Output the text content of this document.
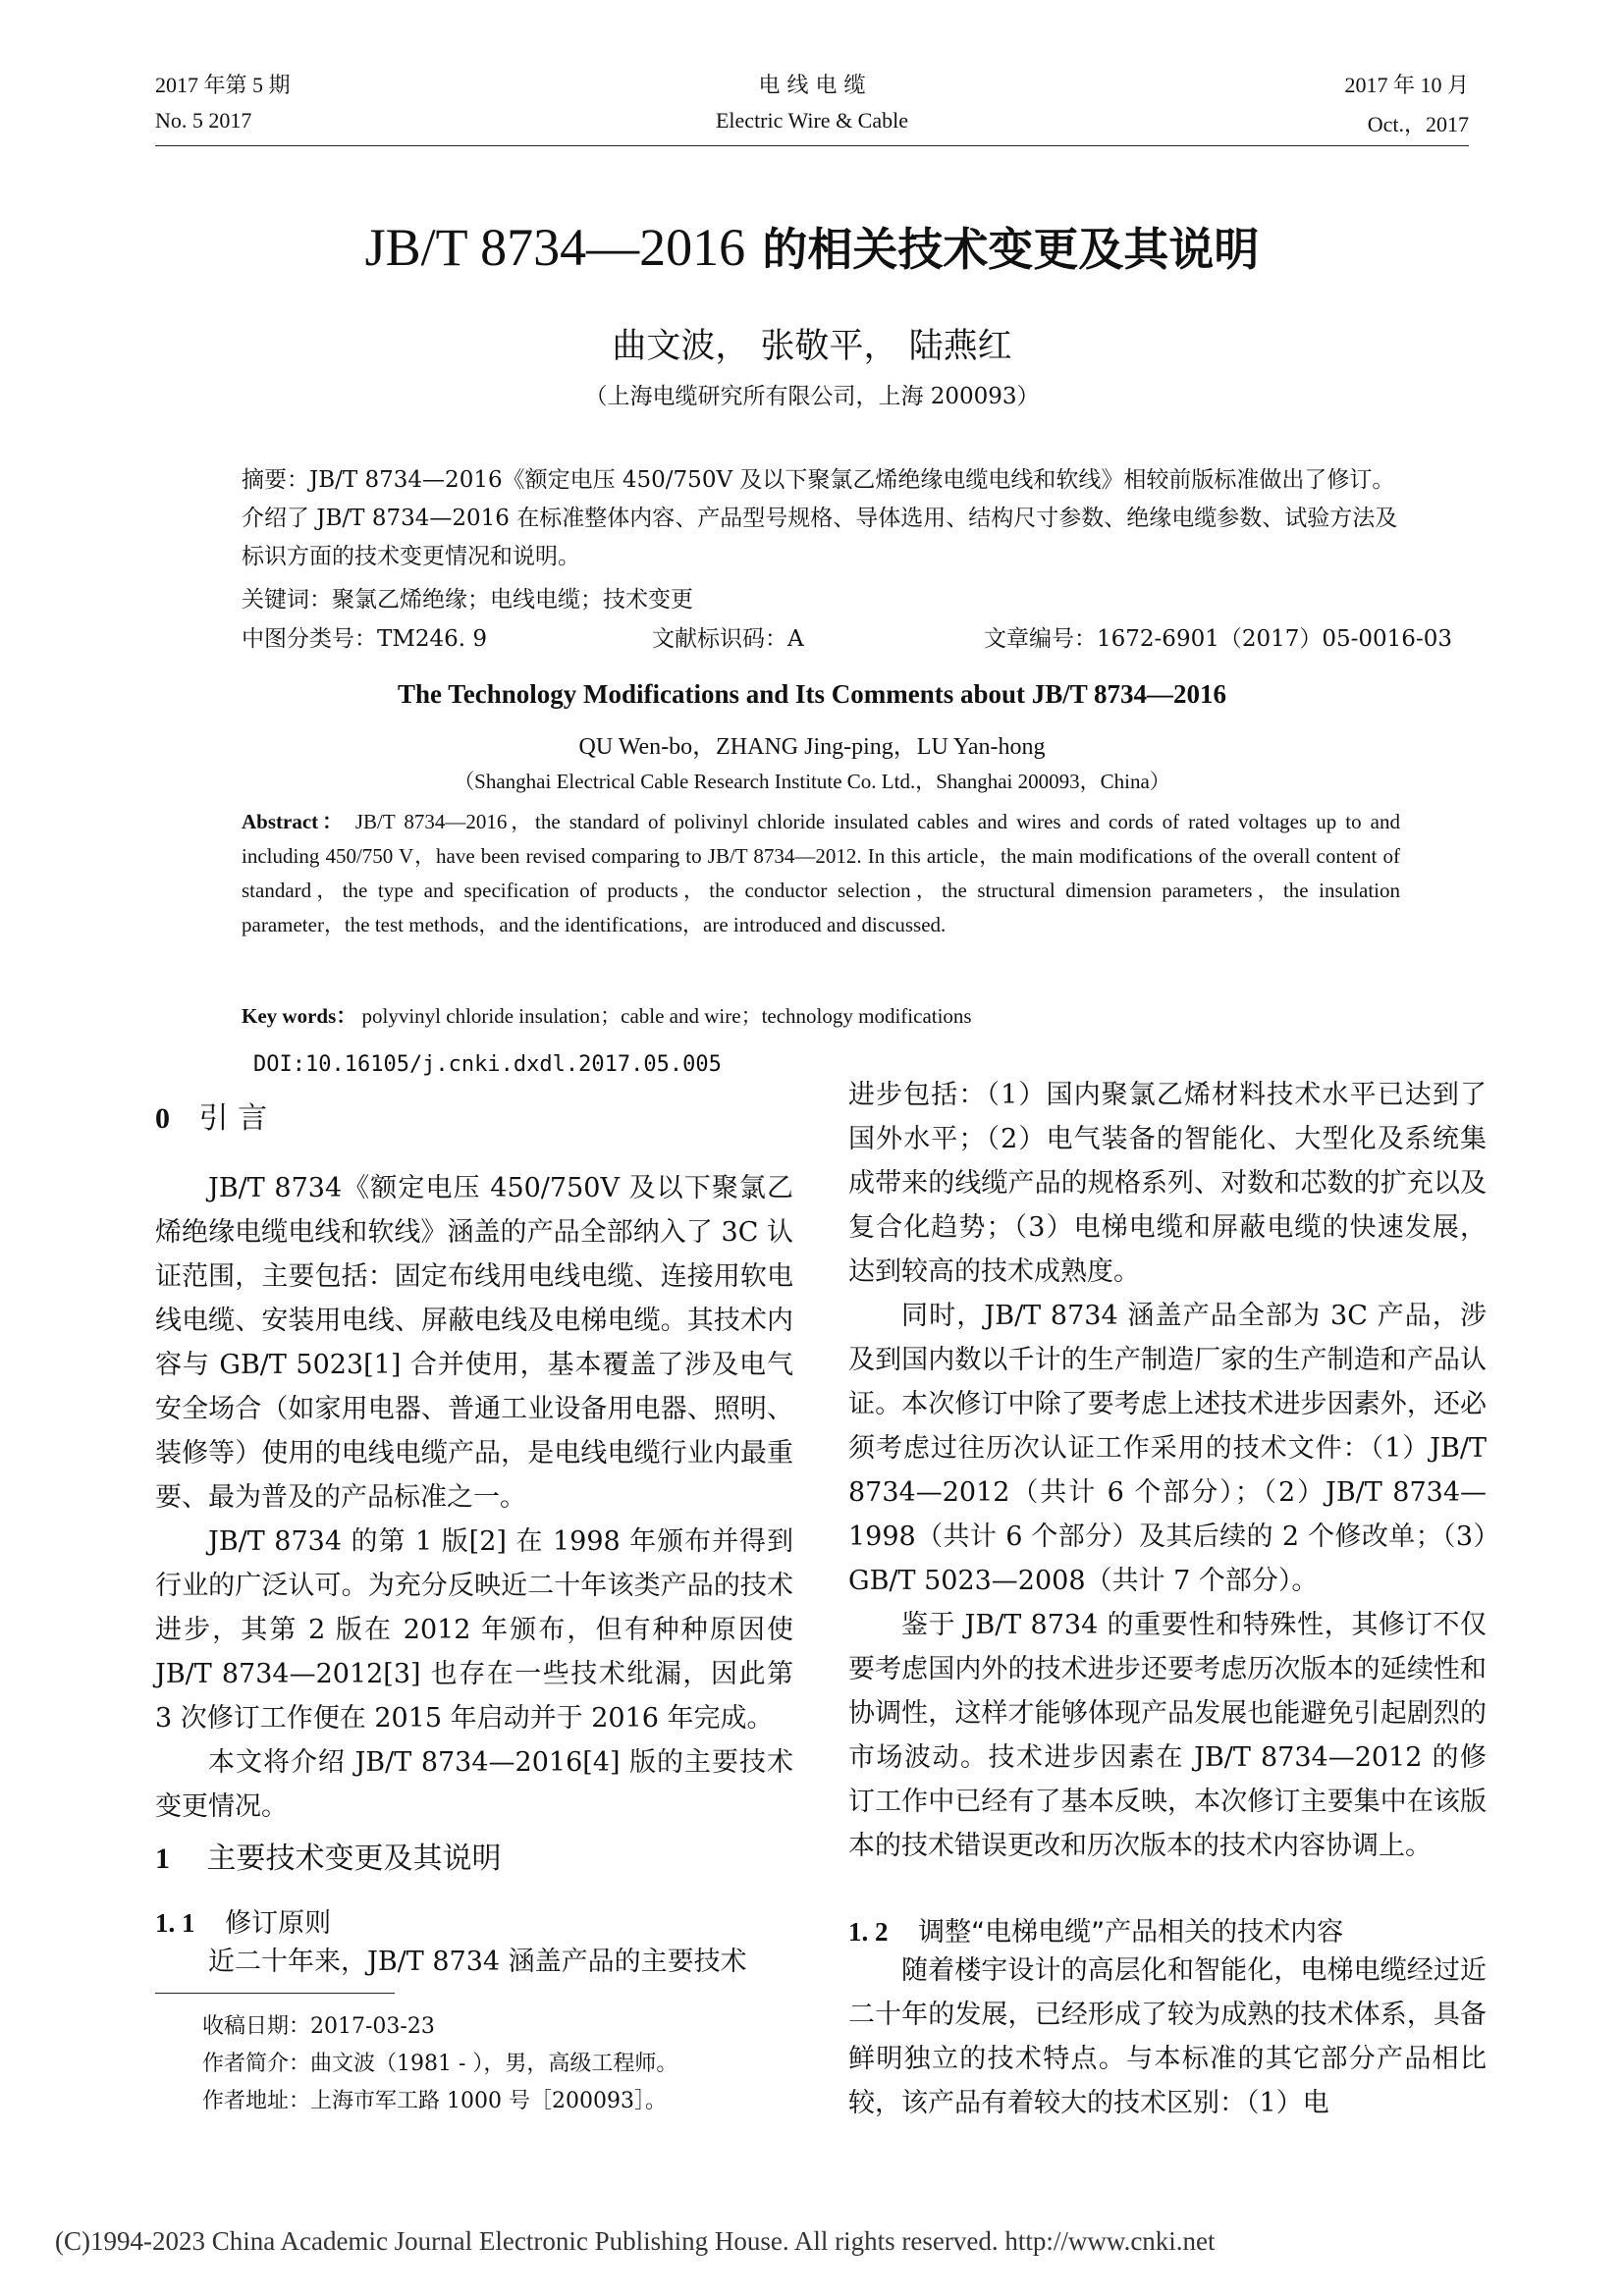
2017 年第 5 期
No. 5 2017
电 线 电 缆
Electric Wire & Cable
2017 年 10 月
Oct.，2017
JB/T 8734—2016 的相关技术变更及其说明
曲文波， 张敬平， 陆燕红
（上海电缆研究所有限公司，上海 200093）
摘要：JB/T 8734—2016《额定电压 450/750V 及以下聚氯乙烯绝缘电缆电线和软线》相较前版标准做出了修订。介绍了 JB/T 8734—2016 在标准整体内容、产品型号规格、导体选用、结构尺寸参数、绝缘电缆参数、试验方法及标识方面的技术变更情况和说明。
关键词：聚氯乙烯绝缘；电线电缆；技术变更
中图分类号：TM246. 9	文献标识码：A	文章编号：1672-6901（2017）05-0016-03
The Technology Modifications and Its Comments about JB/T 8734—2016
QU Wen-bo，ZHANG Jing-ping，LU Yan-hong
（Shanghai Electrical Cable Research Institute Co. Ltd.，Shanghai 200093，China）
Abstract： JB/T 8734—2016，the standard of polivinyl chloride insulated cables and wires and cords of rated voltages up to and including 450/750 V，have been revised comparing to JB/T 8734—2012. In this article，the main modifications of the overall content of standard，the type and specification of products，the conductor selection，the structural dimension parameters，the insulation parameter，the test methods，and the identifications，are introduced and discussed.
Key words： polyvinyl chloride insulation；cable and wire；technology modifications
DOI:10.16105/j.cnki.dxdl.2017.05.005
0 引 言

JB/T 8734《额定电压 450/750V 及以下聚氯乙烯绝缘电缆电线和软线》涵盖的产品全部纳入了 3C 认证范围，主要包括：固定布线用电线电缆、连接用软电线电缆、安装用电线、屏蔽电线及电梯电缆。其技术内容与 GB/T 5023[1] 合并使用，基本覆盖了涉及电气安全场合（如家用电器、普通工业设备用电器、照明、装修等）使用的电线电缆产品，是电线电缆行业内最重要、最为普及的产品标准之一。

JB/T 8734 的第 1 版[2] 在 1998 年颁布并得到行业的广泛认可。为充分反映近二十年该类产品的技术进步，其第 2 版在 2012 年颁布，但有种种原因使 JB/T 8734—2012[3] 也存在一些技术纰漏，因此第 3 次修订工作便在 2015 年启动并于 2016 年完成。

本文将介绍 JB/T 8734—2016[4] 版的主要技术变更情况。

1 主要技术变更及其说明
1. 1 修订原则
近二十年来，JB/T 8734 涵盖产品的主要技术
收稿日期：2017-03-23
作者简介：曲文波（1981 - ），男，高级工程师。
作者地址：上海市军工路 1000 号［200093］。

进步包括：（1）国内聚氯乙烯材料技术水平已达到了国外水平；（2）电气装备的智能化、大型化及系统集成带来的线缆产品的规格系列、对数和芯数的扩充以及复合化趋势；（3）电梯电缆和屏蔽电缆的快速发展，达到较高的技术成熟度。

同时，JB/T 8734 涵盖产品全部为 3C 产品，涉及到国内数以千计的生产制造厂家的生产制造和产品认证。本次修订中除了要考虑上述技术进步因素外，还必须考虑过往历次认证工作采用的技术文件：（1）JB/T 8734—2012（共计 6 个部分）；（2）JB/T 8734—1998（共计 6 个部分）及其后续的 2 个修改单；（3）GB/T 5023—2008（共计 7 个部分）。

鉴于 JB/T 8734 的重要性和特殊性，其修订不仅要考虑国内外的技术进步还要考虑历次版本的延续性和协调性，这样才能够体现产品发展也能避免引起剧烈的市场波动。技术进步因素在 JB/T 8734—2012 的修订工作中已经有了基本反映，本次修订主要集中在该版本的技术错误更改和历次版本的技术内容协调上。

1. 2 调整“电梯电缆”产品相关的技术内容
随着楼宇设计的高层化和智能化，电梯电缆经过近二十年的发展，已经形成了较为成熟的技术体系，具备鲜明独立的技术特点。与本标准的其它部分产品相比较，该产品有着较大的技术区别：（1）电
(C)1994-2023 China Academic Journal Electronic Publishing House. All rights reserved. http://www.cnki.net
